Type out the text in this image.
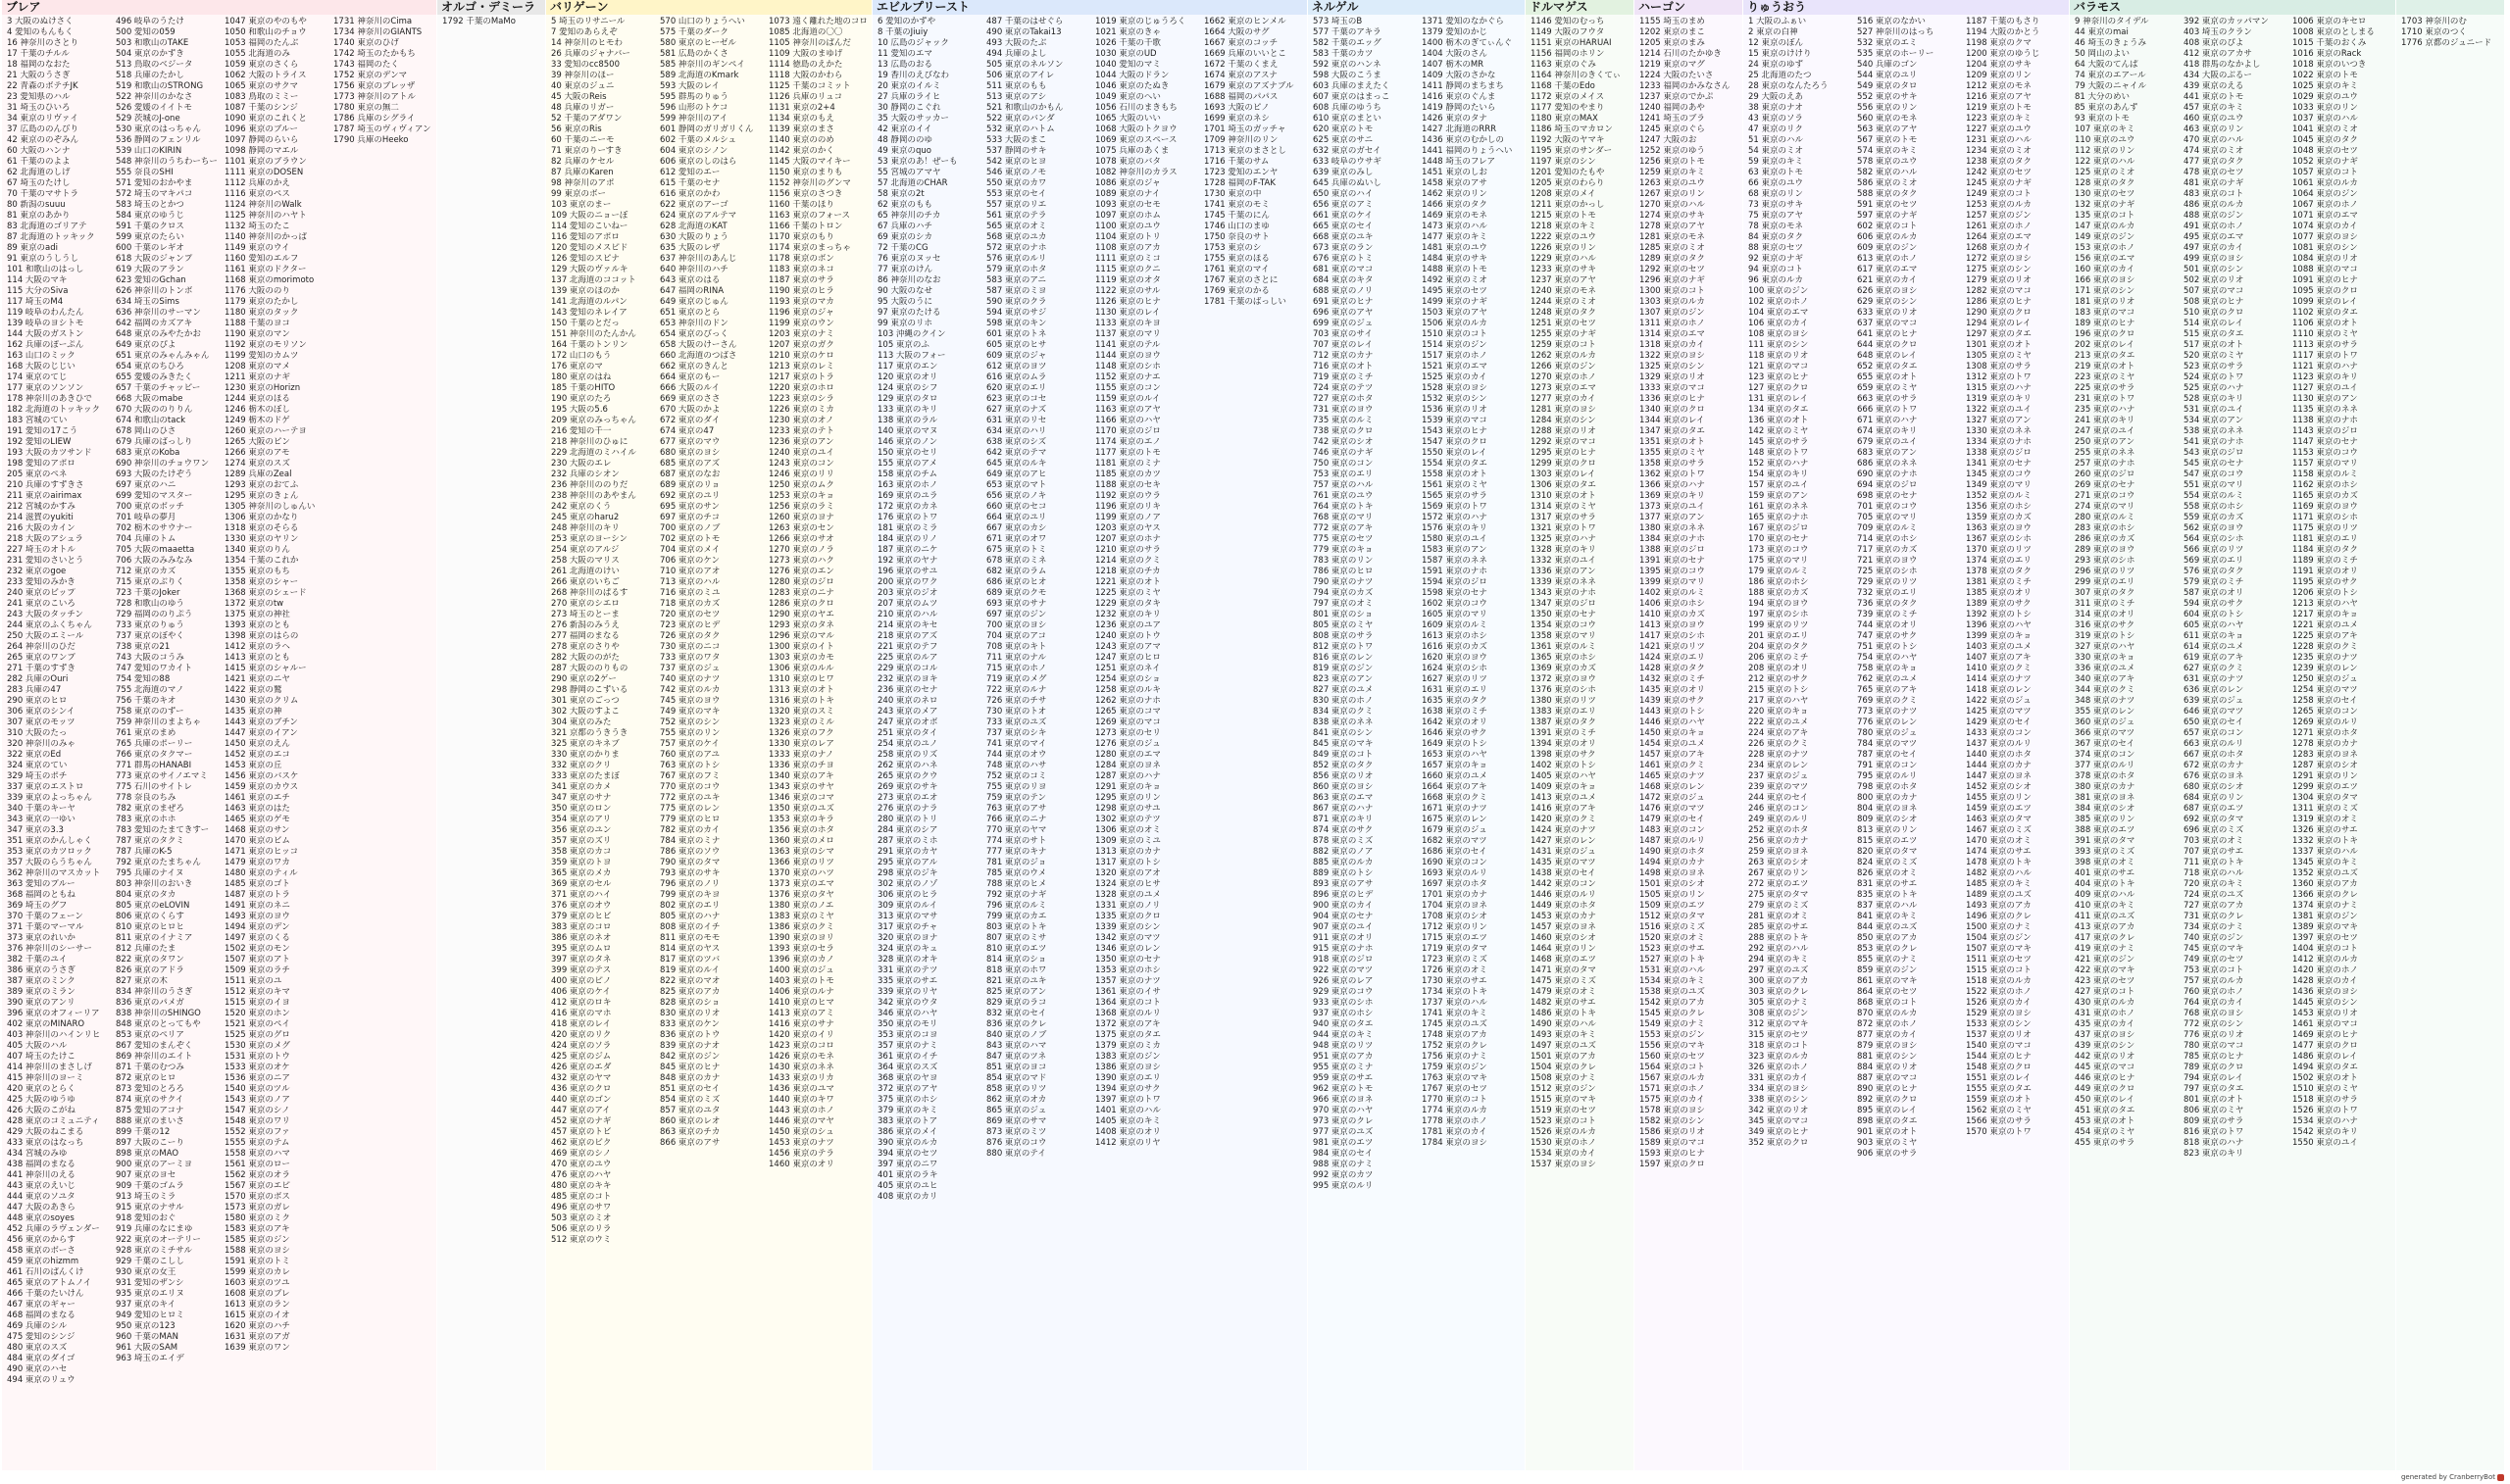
ブレア
3 大阪のぬけさく
4 愛知のもんもく
16 神奈川のさとり
17 千葉のチルル
18 福岡のなおた
21 大阪のうさぎ
22 青森のボテチJK
23 愛知県のハル
31 埼玉のひいろ
34 東京のリヴァイ
37 広島ののんびり
42 東京ののぞみん
60 大阪のハンナ
61 千葉ののよよ
62 北海道のしげ
67 埼玉のたけし
70 千葉のマサトラ
80 新潟のsuuu
81 東京のあかり
83 北海道のゴリアテ
87 北海道のトッキック
89 東京のadi
91 東京のうしうし
101 和歌山のはっし
114 大阪のマキ
115 大分のSiva
117 埼玉のM4
119 岐阜のわんたん
139 岐阜のヨシトモ
144 大阪のガストン
162 兵庫のぽーぷん
163 山口のミック
168 大阪のじじい
174 東京のてじ
177 東京のソンソン
178 神奈川のあきひで
182 北海道のトッキック
183 宮城のてい
191 愛知の17こう
192 愛知のLIEW
193 大阪のカツサンド
198 愛知のアポロ
205 東京のペネ
210 兵庫のすずきさ
211 東京のairimax
212 宮城のかすみ
214 滋賀のyukiti
216 大阪のカイン
218 大阪のアシュラ
227 埼玉のオトル
231 愛知のさいとう
232 東京のgoe
233 愛知のみかき
240 東京のビップ
241 東京のこいろ
243 大阪のタッチン
244 東京のふくちゃん
250 大阪のエミール
264 神奈川のひだ
265 東京のワンプ
271 千葉のすずき
282 兵庫のOuri
283 兵庫の47
290 東京のヒロ
306 東京のシンイ
307 東京のモッツ
310 大阪のたっ
320 神奈川のみゃ
322 東京のEd
324 東京のてい
329 埼玉のポチ
337 東京のエストロ
339 東京のよっちゃん
340 千葉のキーヤ
343 東京の一ゆい
347 東京の3.3
351 東京のかんしゃく
353 東京のカツロック
357 大阪のらうちゃん
362 神奈川のマスカット
363 愛知のプルー
368 福岡のともね
369 埼玉のグフ
370 千葉のフェーン
371 千葉のマーマル
373 東京のれいか
376 神奈川のシーサー
382 千葉のユイ
386 東京のうさぎ
387 東京のミンク
389 東京のミラン
390 東京のアンリ
396 東京のオフィーリア
402 東京のMINARO
403 神奈川のハインリヒ
405 大阪のハル
407 埼玉のたけこ
414 神奈川のまさしげ
415 神奈川のヨーミ
420 東京のとらく
425 大阪のゆうゆ
426 大阪のこがね
428 東京のコミュニティ
429 大阪のねこまる
433 東京のはなっち
434 宮城のみゆ
438 福岡のまなる
441 神奈川のえる
443 東京のえいじ
444 東京のソユタ
447 大阪のあきら
448 東京のsoyes
452 兵庫のラヴェンダー
456 東京のからす
458 東京のボーさ
459 東京のhizmm
461 石川のぱんくけ
465 東京のアトムノイ
466 千葉のたいけん
467 東京のギャー
468 福岡のまなる
469 兵庫のシル
475 愛知のシンジ
480 東京のスズ
484 東京のダイゴ
490 東京のハセ
494 東京のリュウ
496 岐阜のうたけ
500 愛知の059
503 和歌山のTAKE
504 東京のかずき
513 鳥取のベジータ
518 兵庫のたかし
519 和歌山のSTRONG
522 神奈川のかなさ
526 愛媛のイイトモ
529 茨城のJ-one
530 東京のはっちゃん
536 静岡のフェンリル
539 山口のKIRIN
548 神奈川のうちわーちー
555 奈良のSHI
571 愛知のおかやま
572 埼玉のマキパコ
583 埼玉のとかつ
584 東京のゆうじ
591 千葉のクロス
599 東京のたらい
600 千葉のレギオ
618 大阪のジャンプ
619 大阪のアラン
623 愛知のGchan
626 神奈川のトンボ
634 埼玉のSims
636 神奈川のサーマン
642 福岡のカズアキ
648 東京のみやたかお
649 東京のぴよ
651 東京のみゃんみゃん
654 東京のちひろ
655 愛媛のみきたく
657 千葉のチャッピー
668 大阪のmabe
670 大阪ののりりん
674 和歌山のtack
678 岡山のひさ
679 兵庫のばっしり
683 東京のKoba
690 神奈川のチョウワン
693 大阪のたけぞう
697 東京のハニ
699 愛知のマスター
700 東京のボッチ
701 岐阜の夢月
702 栃木のサウナー
704 兵庫のトム
705 大阪のmaaetta
706 大阪のみみなみ
712 東京のカズ
715 東京のぶりく
723 千葉のJoker
728 和歌山のゆう
729 福岡ののりぷう
733 東京のりゅう
737 東京のぼやく
738 東京の21
743 大阪のコうみ
747 愛知のワカイト
754 愛知の88
755 北海道のマノ
756 千葉のキオ
758 東京ののずー
759 神奈川のまよちゃ
761 東京のまめ
765 兵庫のポーリー
766 東京のタクマー
771 群馬のHANABI
773 東京のサイノエマミ
775 石川のサイトレ
778 奈良のちみ
782 東京のまぜろ
783 東京のホホ
783 愛知のたまてきすー
787 東京のタクミ
787 兵庫のK-5
792 東京のたまちゃん
795 兵庫のナイヌ
803 神奈川のおいき
804 東京のタカ
805 東京のeLOVIN
806 東京のくらす
810 東京のヒロヒ
811 東京のイナミア
812 兵庫のたま
822 東京のタワン
826 東京のアドラ
827 東京の木
834 神奈川のうさぎ
836 東京のパメガ
838 神奈川のSHINGO
848 東京のとってもや
853 東京のペリア
867 愛知のまんぞく
869 神奈川のエイト
871 千葉のむつみ
872 東京のヒロ
873 愛知のとろろ
874 東京のサクイ
875 愛知のアコナ
888 東京のまいさ
899 千葉の12
897 大阪のこーり
898 東京のMAO
900 東京のアーミヨ
907 東京のヨセ
909 千葉のゴムラ
913 埼玉のミラ
915 東京のナサル
918 愛知のおぐ
919 兵庫のなにまゆ
922 東京のオーテリー
928 東京のミチサル
929 千葉のこしし
930 東京の女王
931 愛知のザンシ
935 東京のエリヌ
937 東京のキイ
949 愛知のヒロミ
950 東京の123
960 千葉のMAN
961 大阪のSAM
963 埼玉のエイデ
1047 東京のやのもや
1050 和歌山のチョウ
1053 福岡のたんぶ
1055 北海道のみ
1059 東京のさくら
1062 大阪のトライス
1065 東京のサクマ
1083 鳥取のミミー
1087 千葉のシンジ
1090 東京のこれくと
1096 東京のブルー
1097 静岡のらいら
1098 静岡のマエル
1101 東京のブラウン
1111 東京のDOSEN
1112 兵庫のかえ
1116 東京のペス
1124 神奈川のWalk
1125 神奈川のハヤト
1132 埼玉のたこ
1140 神奈川のかっぱ
1149 東京のウイ
1160 愛知のエルフ
1161 東京のドクター
1168 東京のmorimoto
1176 大阪ののり
1179 東京のたかし
1180 東京のタック
1188 千葉のヨコ
1190 東京のマン
1192 東京のモリソン
1199 愛知のカムツ
1208 東京のマメ
1211 東京のナギ
1230 東京のHorizn
1244 東京のほる
1246 栃木のぼし
1249 栃木のドゲ
1260 東京のハーテヨ
1265 大阪のピン
1266 東京のアモ
1274 東京のスズ
1289 兵庫のZeal
1293 東京のおてふ
1295 東京のきょん
1305 神奈川のしゅんい
1306 東京のかなり
1318 東京のそらる
1330 東京のヤリン
1340 東京のりん
1354 千葉のこれか
1355 東京のもち
1358 東京のシャー
1368 東京のシェード
1372 東京のtw
1375 東京の神社
1393 東京のとも
1398 東京のはらの
1412 東京のラヘ
1413 東京のとも
1415 東京のシャルー
1421 東京のニヤ
1422 東京の鷲
1430 東京のクリム
1435 東京の神
1443 東京のブチン
1447 東京のイアン
1450 東京のえん
1452 東京のエコ
1453 東京の丘
1456 東京のバスケ
1459 東京のカウス
1461 東京のエチ
1463 東京のはた
1465 東京のゲモ
1468 東京のサン
1470 東京のビム
1471 東京のヒッコ
1479 東京のワカ
1480 東京のティル
1485 東京のゴト
1487 東京のトラ
1491 東京のネニ
1493 東京のヨウ
1494 東京のデン
1497 東京のくる
1502 東京のモン
1507 東京のアト
1509 東京のラチ
1511 東京のユ
1512 東京のキマ
1515 東京のイヨ
1520 東京のホン
1521 東京のペイ
1525 東京のグロ
1530 東京のメグ
1531 東京のトウ
1533 東京のオケ
1536 東京のニア
1540 東京のツル
1543 東京のノア
1547 東京のシノ
1548 東京のワリ
1552 東京のファ
1555 東京のテム
1558 東京のハマ
1561 東京のロー
1562 東京のオラ
1567 東京のエピ
1570 東京のボス
1573 東京のガレ
1580 東京のミク
1583 東京のアキ
1585 東京のジン
1588 東京のヨシ
1591 東京のトミ
1599 東京のカレ
1603 東京のツユ
1608 東京のブレ
1613 東京のラン
1615 東京のイオ
1620 東京のハチ
1631 東京のアガ
1639 東京のワン
1731 神奈川のCima
1734 神奈川のGIANTS
1740 東京のひげ
1742 埼玉のたかもち
1743 福岡のたく
1752 東京のデンマ
1756 東京のブレッザ
1773 神奈川のアトル
1780 東京の無二
1786 兵庫のシグライ
1787 埼玉のヴィヴィアン
1790 兵庫のHeeko
オルゴ・デミーラ
1792 千葉のMaMo
バリゲーン
5 埼玉のリサニール
7 愛知のあらえぞ
14 神奈川のヒモわ
26 兵庫のジャナバー
33 愛知のcc8500
39 神奈川のほー
40 東京のジュニ
45 大阪のReis
48 兵庫のリガー
52 千葉のアダワン
56 東京のRis
60 千葉のニーモ
71 東京のりーすき
82 兵庫のケセル
87 兵庫のKaren
98 神奈川のアポ
99 東京のボー
103 東京のまー
109 大阪のニョーぼ
114 愛知のこいねー
116 愛知のアポロ
120 愛知のメスピド
126 愛知のスピナ
129 大阪のヴァルキ
137 北海道のココット
139 東京のほのか
141 北海道のルパン
143 愛知のネレイア
150 千葉のとだっ
151 神奈川のたんかん
164 千葉のトンリン
172 山口のもう
176 東京のマ
180 東京のはね
185 千葉のHITO
190 東京のたろ
195 大阪の5.6
209 東京のみっちゃん
216 愛知の千一
218 神奈川のひゅに
229 北海道のミハイル
230 大阪のエレ
232 兵庫のシオン
236 神奈川ののりだ
238 神奈川のあやまん
242 東京のくう
245 東京のharu2
248 神奈川のキリ
253 東京のヨーシン
254 東京のアルジ
258 大阪のマリス
261 北海道のけい
266 東京のいちご
268 神奈川のぱるす
270 東京のシエロ
273 埼玉のとーま
276 新潟のみうえ
277 福岡のまなる
278 東京のさりや
282 大阪ののがた
287 大阪ののりもの
290 東京の2ゲー
298 静岡のこずいる
301 東京のごっつ
302 大阪のすよこ
304 東京のみた
321 京都のうきうき
325 東京のキネブ
330 東京のかりま
332 東京のクリ
333 東京のたまぼ
341 東京のカメ
347 東京のサナ
350 東京のロン
354 東京のアリ
356 東京のユン
357 東京のズリ
358 東京のカコ
359 東京のトヨ
365 東京のメカ
369 東京のセル
371 東京のハイ
376 東京のオウ
379 東京のヒビ
383 東京のコロ
386 東京のネオ
395 東京のムロ
397 東京のタネ
399 東京のテス
400 東京のピノ
406 東京のケイ
412 東京のロキ
416 東京のマホ
418 東京のレイ
420 東京のリク
424 東京のソラ
425 東京のジム
426 東京のエダ
432 東京のヤマ
436 東京のクロ
440 東京のゴン
447 東京のアイ
452 東京のナギ
457 東京のトビ
462 東京のビク
469 東京のシノ
470 東京のユウ
476 東京のハヤ
480 東京のキキ
485 東京のコト
496 東京のサワ
503 東京のミオ
506 東京のリラ
512 東京のウミ
570 山口のりょうへい
575 千葉のダーク
580 東京のヒーゼル
581 広島のかくさ
585 神奈川のギンペイ
589 北海道のKmark
593 大阪のレイ
595 群馬のりゅう
596 山形のトケコ
599 神奈川のアイ
601 静岡のガリガリくん
602 千葉のメルシュ
604 東京のシノン
606 東京のしのはら
612 愛知のエー
615 千葉のセナ
616 東京のかわ
622 東京のアーゴ
624 東京のアルテマ
628 北海道のKAT
630 大阪のりょう
635 大阪のレザ
637 神奈川のあんじ
640 神奈川のハチ
643 東京のはる
647 福岡のRINA
649 東京のじゅん
651 東京のとら
653 神奈川のドン
654 東京のびっく
658 大阪のけーさん
660 北海道のつばさ
662 東京のきんと
664 東京のもー
666 大阪のルイ
669 東京のささ
670 大阪のかよ
672 東京のダイ
674 東京の47
677 東京のマウ
680 東京のヨシ
685 東京のアズ
687 東京のなお
689 東京のリョ
692 東京のユリ
695 東京のサン
697 東京のチコ
700 東京のノブ
702 東京のトモ
704 東京のメイ
706 東京のケン
710 東京のアオ
713 東京のハル
716 東京のミユ
718 東京のカズ
720 東京のセツ
723 東京のヒデ
726 東京のタク
730 東京のニコ
733 東京のワタ
737 東京のジュ
740 東京のナツ
742 東京のルカ
745 東京のヨウ
749 東京のマキ
752 東京のシン
755 東京のリン
757 東京のケイ
760 東京のアユ
763 東京のトシ
767 東京のフミ
770 東京のコウ
772 東京のユキ
775 東京のレン
779 東京のヒロ
782 東京のカイ
784 東京のミナ
786 東京のソウ
790 東京のタマ
793 東京のサキ
796 東京のノリ
799 東京のキヨ
802 東京のエリ
805 東京のハナ
808 東京のイチ
811 東京のモモ
814 東京のヤス
817 東京のツバ
819 東京のルイ
822 東京のマオ
825 東京のアカ
828 東京のショ
830 東京のリオ
833 東京のケン
836 東京のトウ
839 東京のナオ
842 東京のジン
845 東京のヒナ
848 東京のカナ
851 東京のセイ
854 東京のミズ
857 東京のユタ
860 東京のレオ
863 東京のチカ
866 東京のアサ
1073 遠く離れた地のコロ
1085 北海道の〇〇
1105 神奈川のぱんだ
1109 大阪のまゆげ
1114 徳島のえかた
1118 大阪のかわら
1125 千葉のコミット
1126 兵庫のリュコ
1131 東京の2+4
1134 東京のもえ
1139 東京のまさ
1140 東京ののめ
1142 東京のかく
1145 大阪のマイキー
1150 東京のまりも
1152 神奈川のグンマ
1156 東京のさつき
1160 千葉のほり
1163 東京のフォース
1166 千葉のトロン
1170 東京のもり
1174 東京のまっちゃ
1178 東京のボン
1183 東京のネコ
1187 東京のサラ
1190 東京のヒラ
1193 東京のマカ
1196 東京のジャ
1199 東京のウン
1203 東京のナミ
1207 東京のガク
1210 東京のケロ
1213 東京のレミ
1217 東京のトラ
1220 東京のホロ
1223 東京のシラ
1226 東京のミカ
1230 東京のオノ
1233 東京のテト
1236 東京のアン
1240 東京のユイ
1243 東京のコン
1246 東京のリリ
1250 東京のムク
1253 東京のキョ
1256 東京のラミ
1260 東京のヨナ
1263 東京のセン
1266 東京のサオ
1270 東京のノラ
1273 東京のハク
1276 東京のエン
1280 東京のジロ
1283 東京のニナ
1286 東京のクロ
1290 東京のヤエ
1293 東京のタネ
1296 東京のマル
1300 東京のイト
1303 東京のカモ
1306 東京のルル
1310 東京のヒワ
1313 東京のオト
1316 東京のトキ
1320 東京のスミ
1323 東京のミル
1326 東京のフク
1330 東京のレア
1333 東京のナノ
1336 東京のチヨ
1340 東京のアキ
1343 東京のサヤ
1346 東京のコマ
1350 東京のユズ
1353 東京のキラ
1356 東京のホタ
1360 東京のメロ
1363 東京のシマ
1366 東京のリツ
1370 東京のハツ
1373 東京のエマ
1376 東京のタヤ
1380 東京のノエ
1383 東京のミヤ
1386 東京のクミ
1390 東京のヨリ
1393 東京のセラ
1396 東京のカノ
1400 東京のジュ
1403 東京のトモ
1406 東京のルナ
1410 東京のヒマ
1413 東京のアミ
1416 東京のサナ
1420 東京のイリ
1423 東京のコロ
1426 東京のモネ
1430 東京のネネ
1433 東京のリカ
1436 東京のユマ
1440 東京のキワ
1443 東京のホノ
1446 東京のマヤ
1450 東京のシュ
1453 東京のナツ
1456 東京のテラ
1460 東京のオリ
エビルプリースト
6 愛知のかずや
8 千葉のJiuiy
10 広島のジャック
11 愛知のエマ
13 広島のおる
19 香川のえびなわ
20 東京のイルミ
27 兵庫のライヒ
30 静岡のこぐれ
35 大阪のサッカー
42 東京のイイ
48 静岡ののゆ
49 東京のquo
53 東京のあ！ぜーも
55 宮城のアマヤ
57 北海道のCHAR
58 東京の2t
62 東京のもも
65 神奈川のチカ
67 兵庫のハチ
69 東京のシカ
72 千葉のCG
76 東京のヌッセ
77 東京のけん
86 神奈川のなお
90 大阪のなせ
95 大阪のうに
97 東京のたける
99 東京のリホ
103 沖縄のクイン
105 東京のふ
113 大阪のフォー
117 東京のエン
120 東京のオリ
124 東京のシフ
129 東京のタロ
133 東京のキリ
138 東京のラル
140 東京のマヌ
146 東京のノン
150 東京のセリ
155 東京のアメ
158 東京のチム
163 東京のホノ
169 東京のユラ
172 東京のカネ
176 東京のトワ
181 東京のミラ
184 東京のリノ
187 東京のニケ
192 東京のヤナ
196 東京のサユ
200 東京のワク
203 東京のジオ
207 東京のムツ
210 東京のハル
214 東京のキセ
218 東京のアズ
221 東京のテフ
225 東京のルア
229 東京のコル
232 東京のヨキ
236 東京のセナ
240 東京のネロ
243 東京のメア
247 東京のオボ
251 東京のタイ
254 東京のユノ
258 東京のリズ
262 東京のハネ
265 東京のクウ
269 東京のサキ
273 東京のエオ
276 東京のナラ
280 東京のトリ
284 東京のシア
287 東京のミホ
291 東京のカヤ
295 東京のアル
298 東京のジキ
302 東京のノゾ
306 東京のヒラ
309 東京のルイ
313 東京のマサ
317 東京のチャ
320 東京のヨナ
324 東京のキュ
328 東京のオキ
331 東京のテツ
335 東京のサエ
339 東京のリヤ
342 東京のウタ
346 東京のハヤ
350 東京のモリ
353 東京のコヨ
357 東京のナミ
361 東京のイチ
364 東京のスズ
368 東京のヤヨ
372 東京のアヤ
375 東京のホシ
379 東京のキミ
383 東京のトア
386 東京のメイ
390 東京のルカ
394 東京のセツ
397 東京のニワ
401 東京のラキ
405 東京のユヒ
408 東京のカリ
487 千葉のはせぐら
490 東京のTakai13
493 大阪のたぶ
494 兵庫のよし
505 東京のネルソン
506 東京のアイレ
511 東京のもも
513 東京のアシ
521 和歌山のかもん
522 東京のバンダ
532 東京のハトム
533 大阪のまこ
537 静岡のサキ
542 東京のヒヨ
546 東京のノモ
550 東京のカワ
553 東京のセイ
557 東京のリエ
561 東京のテラ
565 東京のオミ
568 東京のユカ
572 東京のナホ
576 東京のルリ
579 東京のホタ
583 東京のアニ
587 東京のミヨ
590 東京のクラ
594 東京のサジ
598 東京のキン
601 東京のトネ
605 東京のヒサ
609 東京のジャ
612 東京のヨツ
616 東京のムラ
620 東京のエリ
623 東京のコセ
627 東京のナズ
631 東京のリセ
634 東京のハリ
638 東京のシズ
642 東京のテマ
645 東京のルキ
649 東京のアヒ
653 東京のマト
656 東京のノキ
660 東京のセコ
664 東京のユリ
667 東京のカシ
671 東京のオワ
675 東京のトミ
678 東京のミネ
682 東京のラム
686 東京のヒオ
689 東京のクモ
693 東京のサナ
697 東京のジン
700 東京のヨシ
704 東京のアコ
708 東京のキト
711 東京のナル
715 東京のホノ
719 東京のメグ
722 東京のルナ
726 東京のチサ
730 東京のトオ
733 東京のユズ
737 東京のシキ
741 東京のマイ
744 東京のオウ
748 東京のハサ
752 東京のコミ
755 東京のリヨ
759 東京のテン
763 東京のアサ
766 東京のニナ
770 東京のヤマ
774 東京のサト
777 東京のキナ
781 東京のジョ
785 東京のウメ
788 東京のヒメ
792 東京のナギ
796 東京のルミ
799 東京のカエ
803 東京のトキ
807 東京のミサ
810 東京のエツ
814 東京のショ
818 東京のホワ
821 東京のユキ
825 東京のアン
829 東京のラコ
832 東京のセイ
836 東京のクレ
840 東京のノブ
843 東京のハマ
847 東京のツネ
851 東京のヨコ
854 東京のマド
858 東京のリツ
862 東京のオカ
865 東京のジュ
869 東京のサマ
873 東京のミツ
876 東京のコウ
880 東京のテイ
1019 東京のじゅうろく
1021 東京のきゃ
1026 千葉の千歌
1030 東京のUD
1040 愛知のマミ
1044 大阪のドラン
1046 東京のたぬき
1049 東京のへい
1056 石川のまきもち
1065 大阪のいい
1068 大阪のトクヨウ
1069 東京のスペース
1075 兵庫のあくま
1078 東京のバタ
1082 神奈川のカラス
1086 東京のジャ
1089 東京のナイ
1093 東京のセモ
1097 東京のホム
1100 東京のユウ
1104 東京のトリ
1108 東京のアカ
1111 東京のミコ
1115 東京のクニ
1119 東京のオタ
1122 東京のサル
1126 東京のヒナ
1130 東京のレイ
1133 東京のキヨ
1137 東京のマリ
1141 東京のテル
1144 東京のヨウ
1148 東京のシホ
1152 東京のナエ
1155 東京のコン
1159 東京のルイ
1163 東京のアヤ
1166 東京のハヤ
1170 東京のジロ
1174 東京のエノ
1177 東京のトモ
1181 東京のミナ
1185 東京のカツ
1188 東京のセキ
1192 東京のウラ
1196 東京のリキ
1199 東京のノア
1203 東京のヤス
1207 東京のホナ
1210 東京のサラ
1214 東京のクミ
1218 東京のチカ
1221 東京のオト
1225 東京のミヤ
1229 東京のタキ
1232 東京のキリ
1236 東京のユア
1240 東京のトウ
1243 東京のアマ
1247 東京のヒロ
1251 東京のネイ
1254 東京のショ
1258 東京のルキ
1262 東京のナホ
1265 東京のコマ
1269 東京のマコ
1273 東京のセリ
1276 東京のジュ
1280 東京のエマ
1284 東京のヨネ
1287 東京のハナ
1291 東京のキョ
1295 東京のリン
1298 東京のサユ
1302 東京のテツ
1306 東京のオミ
1309 東京のミユ
1313 東京のカナ
1317 東京のトシ
1320 東京のアオ
1324 東京のヒサ
1328 東京のユメ
1331 東京のノリ
1335 東京のクロ
1339 東京のシン
1342 東京のマツ
1346 東京のレン
1350 東京のセナ
1353 東京のホシ
1357 東京のナツ
1361 東京のイサ
1364 東京のコト
1368 東京のルリ
1372 東京のアキ
1375 東京のタエ
1379 東京のミカ
1383 東京のジン
1386 東京のヨシ
1390 東京のエリ
1394 東京のサク
1397 東京のトワ
1401 東京のハル
1405 東京のキミ
1408 東京のオリ
1412 東京のリヤ
1662 東京のヒンメル
1664 大阪のサグ
1667 東京のコッチ
1669 兵庫のいいとこ
1672 千葉のくまえ
1674 東京のアスナ
1679 東京のアズナブル
1688 福岡のパパス
1693 大阪のピノ
1699 東京のネシ
1701 埼玉のガッチャ
1709 神奈川のリン
1713 東京のまさとし
1716 千葉のサム
1723 愛知のエンヤ
1728 福岡のF-TAK
1730 東京の中
1741 東京のモミ
1745 千葉のにん
1746 山口のまゆ
1750 奈良のサト
1753 東京のシ
1755 東京のほる
1761 東京のマイ
1767 東京のさとに
1769 東京のかる
1781 千葉のばっしい
ネルゲル
573 埼玉のB
577 千葉のアキラ
582 千葉のエッグ
583 千葉のカツ
592 東京のハンネ
598 大阪のこうま
603 兵庫のまえたく
607 東京のはまっこ
608 兵庫のゆうち
610 東京のまとい
620 東京のトモ
625 東京のサニ
632 東京のガセイ
633 岐阜のウサギ
639 東京のみし
645 兵庫のぬいし
650 東京のハイ
656 東京のアミ
661 東京のケイ
665 東京のセイ
668 東京のユキ
673 東京のラン
676 東京のトミ
681 東京のマコ
684 東京のキタ
688 東京のノリ
691 東京のヒナ
696 東京のアヤ
699 東京のジュ
703 東京のサイ
707 東京のレイ
712 東京のカナ
716 東京のオト
719 東京のミチ
724 東京のテツ
727 東京のホタ
731 東京のヨウ
735 東京のルミ
738 東京のクロ
742 東京のシオ
746 東京のナギ
750 東京のコン
753 東京のエリ
757 東京のハル
761 東京のユウ
764 東京のトキ
768 東京のマリ
772 東京のアキ
775 東京のセツ
779 東京のキョ
783 東京のリン
786 東京のヒロ
790 東京のナツ
794 東京のカズ
797 東京のオミ
801 東京のショ
805 東京のミヤ
808 東京のサラ
812 東京のトワ
816 東京のレン
819 東京のジン
823 東京のアン
827 東京のユメ
830 東京のホノ
834 東京のクミ
838 東京のネネ
841 東京のシン
845 東京のマキ
849 東京のコト
852 東京のタク
856 東京のリオ
860 東京のヨシ
863 東京のエマ
867 東京のハナ
871 東京のキリ
874 東京のサク
878 東京のミズ
882 東京のノア
885 東京のルカ
889 東京のトシ
893 東京のアサ
896 東京のヒデ
900 東京のカイ
904 東京のセナ
907 東京のユイ
911 東京のオリ
915 東京のナホ
918 東京のジロ
922 東京のマツ
926 東京のレア
929 東京のコウ
933 東京のシホ
937 東京のホシ
940 東京のタエ
944 東京のキミ
948 東京のリツ
951 東京のアカ
955 東京のミナ
959 東京のサエ
962 東京のトモ
966 東京のヨネ
970 東京のハヤ
973 東京のクレ
977 東京のユズ
981 東京のエツ
984 東京のセイ
988 東京のナミ
992 東京のカツ
995 東京のルリ
1371 愛知のなかぐら
1379 愛知のかじ
1400 栃木のぎてぃんぐ
1404 大阪のさん
1407 栃木のMR
1409 大阪のさかな
1411 静岡のまちまち
1416 東京のぐんま
1419 静岡のたいら
1426 東京のタナ
1427 北海道のRRR
1436 東京のむかしの
1441 福岡のりょうへい
1448 埼玉のフレア
1451 東京のしお
1458 東京のアサ
1462 東京のリン
1466 東京のタク
1469 東京のモネ
1473 東京のハル
1477 東京のキミ
1481 東京のユウ
1484 東京のサキ
1488 東京のトモ
1492 東京のミオ
1495 東京のセツ
1499 東京のナギ
1503 東京のアヤ
1506 東京のルカ
1510 東京のコト
1514 東京のジン
1517 東京のホノ
1521 東京のエマ
1525 東京のカイ
1528 東京のヨシ
1532 東京のシン
1536 東京のリオ
1539 東京のマコ
1543 東京のヒナ
1547 東京のクロ
1550 東京のレイ
1554 東京のタエ
1558 東京のオト
1561 東京のミヤ
1565 東京のサラ
1569 東京のトワ
1572 東京のハナ
1576 東京のキリ
1580 東京のユイ
1583 東京のアン
1587 東京のネネ
1591 東京のナホ
1594 東京のジロ
1598 東京のセナ
1602 東京のコウ
1605 東京のマリ
1609 東京のルミ
1613 東京のホシ
1616 東京のカズ
1620 東京のヨウ
1624 東京のシホ
1627 東京のリツ
1631 東京のエリ
1635 東京のタク
1638 東京のミチ
1642 東京のオリ
1646 東京のサク
1649 東京のトシ
1653 東京のハヤ
1657 東京のキョ
1660 東京のユメ
1664 東京のアキ
1668 東京のクミ
1671 東京のナツ
1675 東京のレン
1679 東京のジュ
1682 東京のマツ
1686 東京のセイ
1690 東京のコン
1693 東京のルリ
1697 東京のホタ
1701 東京のカナ
1704 東京のヨネ
1708 東京のシオ
1712 東京のリン
1715 東京のエツ
1719 東京のタマ
1723 東京のミズ
1726 東京のオミ
1730 東京のサエ
1734 東京のトキ
1737 東京のハル
1741 東京のキミ
1745 東京のユズ
1748 東京のアカ
1752 東京のクレ
1756 東京のナミ
1759 東京のジン
1763 東京のマキ
1767 東京のセツ
1770 東京のコト
1774 東京のルカ
1778 東京のホノ
1781 東京のカイ
1784 東京のヨシ
ドルマゲス
1146 愛知のむっち
1149 大阪のフウタ
1151 東京のHARUAI
1156 福岡のホリン
1163 東京のぐみ
1164 神奈川のきくてぃ
1168 千葉のEdo
1172 東京のメイス
1177 愛知のやまり
1180 東京のMAX
1186 埼玉のマカロン
1192 大阪のヤマキ
1195 東京のサンダー
1197 東京のシン
1201 愛知のたもや
1205 東京のわらり
1208 東京のメイ
1211 東京のかっし
1215 東京のトモ
1218 東京のキミ
1222 東京のユウ
1226 東京のリン
1229 東京のハル
1233 東京のサキ
1237 東京のアヤ
1240 東京のモネ
1244 東京のミオ
1248 東京のタク
1251 東京のセツ
1255 東京のナギ
1259 東京のコト
1262 東京のルカ
1266 東京のジン
1270 東京のホノ
1273 東京のエマ
1277 東京のカイ
1281 東京のヨシ
1284 東京のシン
1288 東京のリオ
1292 東京のマコ
1295 東京のヒナ
1299 東京のクロ
1303 東京のレイ
1306 東京のタエ
1310 東京のオト
1314 東京のミヤ
1317 東京のサラ
1321 東京のトワ
1325 東京のハナ
1328 東京のキリ
1332 東京のユイ
1336 東京のアン
1339 東京のネネ
1343 東京のナホ
1347 東京のジロ
1350 東京のセナ
1354 東京のコウ
1358 東京のマリ
1361 東京のルミ
1365 東京のホシ
1369 東京のカズ
1372 東京のヨウ
1376 東京のシホ
1380 東京のリツ
1383 東京のエリ
1387 東京のタク
1391 東京のミチ
1394 東京のオリ
1398 東京のサク
1402 東京のトシ
1405 東京のハヤ
1409 東京のキョ
1413 東京のユメ
1416 東京のアキ
1420 東京のクミ
1424 東京のナツ
1427 東京のレン
1431 東京のジュ
1435 東京のマツ
1438 東京のセイ
1442 東京のコン
1446 東京のルリ
1449 東京のホタ
1453 東京のカナ
1457 東京のヨネ
1460 東京のシオ
1464 東京のリン
1468 東京のエツ
1471 東京のタマ
1475 東京のミズ
1479 東京のオミ
1482 東京のサエ
1486 東京のトキ
1490 東京のハル
1493 東京のキミ
1497 東京のユズ
1501 東京のアカ
1504 東京のクレ
1508 東京のナミ
1512 東京のジン
1515 東京のマキ
1519 東京のセツ
1523 東京のコト
1526 東京のルカ
1530 東京のホノ
1534 東京のカイ
1537 東京のヨシ
ハーゴン
1155 埼玉のまめ
1202 東京のまこ
1205 東京のまみ
1214 石川のたかゆき
1219 東京のマグ
1224 大阪のたいさ
1233 福岡のかみなさん
1237 東京のでかぷ
1240 福岡のあや
1241 埼玉のブラ
1245 東京のぐら
1247 大阪のお
1252 東京のゆう
1256 東京のトモ
1259 東京のキミ
1263 東京のユウ
1267 東京のリン
1270 東京のハル
1274 東京のサキ
1278 東京のアヤ
1281 東京のモネ
1285 東京のミオ
1289 東京のタク
1292 東京のセツ
1296 東京のナギ
1300 東京のコト
1303 東京のルカ
1307 東京のジン
1311 東京のホノ
1314 東京のエマ
1318 東京のカイ
1322 東京のヨシ
1325 東京のシン
1329 東京のリオ
1333 東京のマコ
1336 東京のヒナ
1340 東京のクロ
1344 東京のレイ
1347 東京のタエ
1351 東京のオト
1355 東京のミヤ
1358 東京のサラ
1362 東京のトワ
1366 東京のハナ
1369 東京のキリ
1373 東京のユイ
1377 東京のアン
1380 東京のネネ
1384 東京のナホ
1388 東京のジロ
1391 東京のセナ
1395 東京のコウ
1399 東京のマリ
1402 東京のルミ
1406 東京のホシ
1410 東京のカズ
1413 東京のヨウ
1417 東京のシホ
1421 東京のリツ
1424 東京のエリ
1428 東京のタク
1432 東京のミチ
1435 東京のオリ
1439 東京のサク
1443 東京のトシ
1446 東京のハヤ
1450 東京のキョ
1454 東京のユメ
1457 東京のアキ
1461 東京のクミ
1465 東京のナツ
1468 東京のレン
1472 東京のジュ
1476 東京のマツ
1479 東京のセイ
1483 東京のコン
1487 東京のルリ
1490 東京のホタ
1494 東京のカナ
1498 東京のヨネ
1501 東京のシオ
1505 東京のリン
1509 東京のエツ
1512 東京のタマ
1516 東京のミズ
1520 東京のオミ
1523 東京のサエ
1527 東京のトキ
1531 東京のハル
1534 東京のキミ
1538 東京のユズ
1542 東京のアカ
1545 東京のクレ
1549 東京のナミ
1553 東京のジン
1556 東京のマキ
1560 東京のセツ
1564 東京のコト
1567 東京のルカ
1571 東京のホノ
1575 東京のカイ
1578 東京のヨシ
1582 東京のシン
1586 東京のリオ
1589 東京のマコ
1593 東京のヒナ
1597 東京のクロ
りゅうおう
1 大阪のふぁい
2 東京の白神
12 東京のぼん
15 東京のけけり
24 東京のゆず
25 北海道のたつ
28 東京のなんたろう
29 大阪のえあ
38 東京のナオ
43 東京のソラ
47 東京のリク
51 東京のハル
54 東京のミオ
59 東京のキミ
63 東京のトモ
66 東京のユウ
68 東京のリン
73 東京のサキ
75 東京のアヤ
78 東京のモネ
84 東京のタク
88 東京のセツ
92 東京のナギ
94 東京のコト
96 東京のルカ
100 東京のジン
102 東京のホノ
104 東京のエマ
106 東京のカイ
108 東京のヨシ
111 東京のシン
118 東京のリオ
121 東京のマコ
123 東京のヒナ
127 東京のクロ
131 東京のレイ
134 東京のタエ
136 東京のオト
142 東京のミヤ
145 東京のサラ
148 東京のトワ
152 東京のハナ
154 東京のキリ
157 東京のユイ
159 東京のアン
161 東京のネネ
165 東京のナホ
167 東京のジロ
170 東京のセナ
173 東京のコウ
175 東京のマリ
179 東京のルミ
186 東京のホシ
188 東京のカズ
194 東京のヨウ
197 東京のシホ
199 東京のリツ
201 東京のエリ
204 東京のタク
206 東京のミチ
208 東京のオリ
212 東京のサク
215 東京のトシ
217 東京のハヤ
220 東京のキョ
222 東京のユメ
224 東京のアキ
226 東京のクミ
228 東京のナツ
234 東京のレン
237 東京のジュ
239 東京のマツ
244 東京のセイ
246 東京のコン
249 東京のルリ
252 東京のホタ
256 東京のカナ
259 東京のヨネ
263 東京のシオ
267 東京のリン
272 東京のエツ
275 東京のタマ
279 東京のミズ
281 東京のオミ
285 東京のサエ
288 東京のトキ
292 東京のハル
294 東京のキミ
297 東京のユズ
300 東京のアカ
303 東京のクレ
305 東京のナミ
308 東京のジン
312 東京のマキ
315 東京のセツ
318 東京のコト
323 東京のルカ
326 東京のホノ
331 東京のカイ
334 東京のヨシ
338 東京のシン
342 東京のリオ
345 東京のマコ
349 東京のヒナ
352 東京のクロ
516 東京のなかい
527 神奈川のはっち
532 東京のエミ
535 東京のホーリー
540 兵庫のゴン
544 東京のユリ
549 東京のタロ
552 東京のサキ
556 東京のリン
560 東京のモネ
563 東京のアヤ
567 東京のトモ
574 東京のキミ
578 東京のユウ
582 東京のハル
586 東京のミオ
588 東京のタク
591 東京のセツ
597 東京のナギ
602 東京のコト
606 東京のルカ
609 東京のジン
613 東京のホノ
617 東京のエマ
621 東京のカイ
626 東京のヨシ
629 東京のシン
633 東京のリオ
637 東京のマコ
641 東京のヒナ
644 東京のクロ
648 東京のレイ
652 東京のタエ
655 東京のオト
659 東京のミヤ
663 東京のサラ
666 東京のトワ
671 東京のハナ
674 東京のキリ
679 東京のユイ
683 東京のアン
686 東京のネネ
690 東京のナホ
694 東京のジロ
698 東京のセナ
701 東京のコウ
705 東京のマリ
709 東京のルミ
714 東京のホシ
717 東京のカズ
721 東京のヨウ
725 東京のシホ
729 東京のリツ
732 東京のエリ
736 東京のタク
739 東京のミチ
744 東京のオリ
747 東京のサク
751 東京のトシ
754 東京のハヤ
758 東京のキョ
762 東京のユメ
765 東京のアキ
769 東京のクミ
773 東京のナツ
776 東京のレン
780 東京のジュ
784 東京のマツ
787 東京のセイ
791 東京のコン
795 東京のルリ
798 東京のホタ
800 東京のカナ
804 東京のヨネ
809 東京のシオ
813 東京のリン
815 東京のエツ
820 東京のタマ
824 東京のミズ
826 東京のオミ
831 東京のサエ
835 東京のトキ
837 東京のハル
841 東京のキミ
844 東京のユズ
850 東京のアカ
853 東京のクレ
855 東京のナミ
859 東京のジン
861 東京のマキ
864 東京のセツ
868 東京のコト
870 東京のルカ
872 東京のホノ
877 東京のカイ
879 東京のヨシ
881 東京のシン
884 東京のリオ
887 東京のマコ
890 東京のヒナ
892 東京のクロ
895 東京のレイ
898 東京のタエ
901 東京のオト
903 東京のミヤ
906 東京のサラ
1187 千葉のもさり
1194 大阪のかとう
1198 東京のクマ
1200 東京のゆうじ
1204 東京のサキ
1209 東京のリン
1212 東京のモネ
1216 東京のアヤ
1219 東京のトモ
1223 東京のキミ
1227 東京のユウ
1231 東京のハル
1234 東京のミオ
1238 東京のタク
1242 東京のセツ
1245 東京のナギ
1249 東京のコト
1253 東京のルカ
1257 東京のジン
1261 東京のホノ
1264 東京のエマ
1268 東京のカイ
1272 東京のヨシ
1275 東京のシン
1279 東京のリオ
1282 東京のマコ
1286 東京のヒナ
1290 東京のクロ
1294 東京のレイ
1297 東京のタエ
1301 東京のオト
1305 東京のミヤ
1308 東京のサラ
1312 東京のトワ
1315 東京のハナ
1319 東京のキリ
1322 東京のユイ
1327 東京のアン
1330 東京のネネ
1334 東京のナホ
1338 東京のジロ
1341 東京のセナ
1345 東京のコウ
1349 東京のマリ
1352 東京のルミ
1356 東京のホシ
1359 東京のカズ
1363 東京のヨウ
1367 東京のシホ
1370 東京のリツ
1374 東京のエリ
1378 東京のタク
1381 東京のミチ
1385 東京のオリ
1389 東京のサク
1392 東京のトシ
1396 東京のハヤ
1399 東京のキョ
1403 東京のユメ
1407 東京のアキ
1410 東京のクミ
1414 東京のナツ
1418 東京のレン
1422 東京のジュ
1425 東京のマツ
1429 東京のセイ
1433 東京のコン
1437 東京のルリ
1440 東京のホタ
1444 東京のカナ
1447 東京のヨネ
1452 東京のシオ
1455 東京のリン
1459 東京のエツ
1463 東京のタマ
1467 東京のミズ
1470 東京のオミ
1474 東京のサエ
1478 東京のトキ
1482 東京のハル
1485 東京のキミ
1489 東京のユズ
1493 東京のアカ
1496 東京のクレ
1500 東京のナミ
1504 東京のジン
1507 東京のマキ
1511 東京のセツ
1515 東京のコト
1518 東京のルカ
1522 東京のホノ
1526 東京のカイ
1529 東京のヨシ
1533 東京のシン
1537 東京のリオ
1540 東京のマコ
1544 東京のヒナ
1548 東京のクロ
1551 東京のレイ
1555 東京のタエ
1559 東京のオト
1562 東京のミヤ
1566 東京のサラ
1570 東京のトワ
バラモス
9 神奈川のタイデル
44 東京のmai
46 埼玉のきょうみ
50 岡山のよい
64 大阪のてんぱ
74 東京のエアール
79 大阪のニャイル
81 大分のめい
85 東京のあんず
93 東京のトモ
107 東京のキミ
110 東京のユウ
112 東京のリン
122 東京のハル
125 東京のミオ
128 東京のタク
130 東京のセツ
132 東京のナギ
135 東京のコト
147 東京のルカ
149 東京のジン
153 東京のホノ
156 東京のエマ
160 東京のカイ
166 東京のヨシ
171 東京のシン
181 東京のリオ
183 東京のマコ
189 東京のヒナ
196 東京のクロ
202 東京のレイ
213 東京のタエ
219 東京のオト
223 東京のミヤ
225 東京のサラ
231 東京のトワ
235 東京のハナ
241 東京のキリ
247 東京のユイ
250 東京のアン
255 東京のネネ
257 東京のナホ
260 東京のジロ
269 東京のセナ
271 東京のコウ
274 東京のマリ
280 東京のルミ
283 東京のホシ
286 東京のカズ
289 東京のヨウ
293 東京のシホ
296 東京のリツ
299 東京のエリ
307 東京のタク
311 東京のミチ
314 東京のオリ
316 東京のサク
319 東京のトシ
327 東京のハヤ
330 東京のキョ
336 東京のユメ
340 東京のアキ
344 東京のクミ
348 東京のナツ
355 東京のレン
360 東京のジュ
366 東京のマツ
367 東京のセイ
374 東京のコン
377 東京のルリ
378 東京のホタ
380 東京のカナ
381 東京のヨネ
384 東京のシオ
385 東京のリン
388 東京のエツ
391 東京のタマ
393 東京のミズ
398 東京のオミ
401 東京のサエ
404 東京のトキ
409 東京のハル
410 東京のキミ
411 東京のユズ
413 東京のアカ
417 東京のクレ
419 東京のナミ
421 東京のジン
422 東京のマキ
423 東京のセツ
427 東京のコト
430 東京のルカ
431 東京のホノ
435 東京のカイ
437 東京のヨシ
439 東京のシン
442 東京のリオ
445 東京のマコ
446 東京のヒナ
449 東京のクロ
450 東京のレイ
451 東京のタエ
453 東京のオト
454 東京のミヤ
455 東京のサラ
392 東京のカッパマン
403 埼玉のクラン
408 東京のぴよ
412 東京のアカサ
418 群馬のなかよし
434 大阪のぶるー
439 東京のえる
441 東京のトモ
457 東京のキミ
460 東京のユウ
463 東京のリン
470 東京のハル
474 東京のミオ
477 東京のタク
478 東京のセツ
481 東京のナギ
483 東京のコト
486 東京のルカ
488 東京のジン
491 東京のホノ
495 東京のエマ
497 東京のカイ
499 東京のヨシ
501 東京のシン
502 東京のリオ
507 東京のマコ
508 東京のヒナ
510 東京のクロ
514 東京のレイ
515 東京のタエ
517 東京のオト
520 東京のミヤ
523 東京のサラ
524 東京のトワ
525 東京のハナ
528 東京のキリ
531 東京のユイ
534 東京のアン
538 東京のネネ
541 東京のナホ
543 東京のジロ
545 東京のセナ
547 東京のコウ
551 東京のマリ
554 東京のルミ
558 東京のホシ
559 東京のカズ
562 東京のヨウ
564 東京のシホ
566 東京のリツ
569 東京のエリ
576 東京のタク
579 東京のミチ
587 東京のオリ
594 東京のサク
604 東京のトシ
605 東京のハヤ
611 東京のキョ
614 東京のユメ
619 東京のアキ
627 東京のクミ
631 東京のナツ
636 東京のレン
639 東京のジュ
646 東京のマツ
650 東京のセイ
657 東京のコン
663 東京のルリ
667 東京のホタ
672 東京のカナ
676 東京のヨネ
680 東京のシオ
684 東京のリン
687 東京のエツ
692 東京のタマ
696 東京のミズ
703 東京のオミ
707 東京のサエ
711 東京のトキ
718 東京のハル
720 東京のキミ
724 東京のユズ
727 東京のアカ
731 東京のクレ
734 東京のナミ
740 東京のジン
745 東京のマキ
749 東京のセツ
753 東京のコト
757 東京のルカ
760 東京のホノ
764 東京のカイ
768 東京のヨシ
772 東京のシン
776 東京のリオ
780 東京のマコ
785 東京のヒナ
789 東京のクロ
794 東京のレイ
797 東京のタエ
801 東京のオト
806 東京のミヤ
809 東京のサラ
816 東京のトワ
818 東京のハナ
823 東京のキリ
1006 東京のキセロ
1008 東京のとしまる
1015 千葉のおくみ
1016 東京のRack
1018 東京のいつき
1022 東京のトモ
1025 東京のキミ
1029 東京のユウ
1033 東京のリン
1037 東京のハル
1041 東京のミオ
1045 東京のタク
1048 東京のセツ
1052 東京のナギ
1057 東京のコト
1061 東京のルカ
1064 東京のジン
1067 東京のホノ
1071 東京のエマ
1074 東京のカイ
1077 東京のヨシ
1081 東京のシン
1084 東京のリオ
1088 東京のマコ
1091 東京のヒナ
1095 東京のクロ
1099 東京のレイ
1102 東京のタエ
1106 東京のオト
1110 東京のミヤ
1113 東京のサラ
1117 東京のトワ
1121 東京のハナ
1123 東京のキリ
1127 東京のユイ
1130 東京のアン
1135 東京のネネ
1138 東京のナホ
1143 東京のジロ
1147 東京のセナ
1153 東京のコウ
1157 東京のマリ
1158 東京のルミ
1162 東京のホシ
1165 東京のカズ
1169 東京のヨウ
1171 東京のシホ
1175 東京のリツ
1181 東京のエリ
1184 東京のタク
1189 東京のミチ
1191 東京のオリ
1195 東京のサク
1206 東京のトシ
1213 東京のハヤ
1217 東京のキョ
1221 東京のユメ
1225 東京のアキ
1228 東京のクミ
1235 東京のナツ
1239 東京のレン
1250 東京のジュ
1254 東京のマツ
1258 東京のセイ
1265 東京のコン
1269 東京のルリ
1271 東京のホタ
1278 東京のカナ
1283 東京のヨネ
1287 東京のシオ
1291 東京のリン
1299 東京のエツ
1304 東京のタマ
1311 東京のミズ
1319 東京のオミ
1326 東京のサエ
1332 東京のトキ
1337 東京のハル
1345 東京のキミ
1352 東京のユズ
1360 東京のアカ
1366 東京のクレ
1374 東京のナミ
1381 東京のジン
1389 東京のマキ
1397 東京のセツ
1404 東京のコト
1412 東京のルカ
1420 東京のホノ
1428 東京のカイ
1436 東京のヨシ
1445 東京のシン
1453 東京のリオ
1461 東京のマコ
1469 東京のヒナ
1477 東京のクロ
1486 東京のレイ
1494 東京のタエ
1502 東京のオト
1510 東京のミヤ
1518 東京のサラ
1526 東京のトワ
1534 東京のハナ
1542 東京のキリ
1550 東京のユイ
1703 神奈川のむ
1710 東京のつく
1776 京都のジュニード
generated by CranberryBot
